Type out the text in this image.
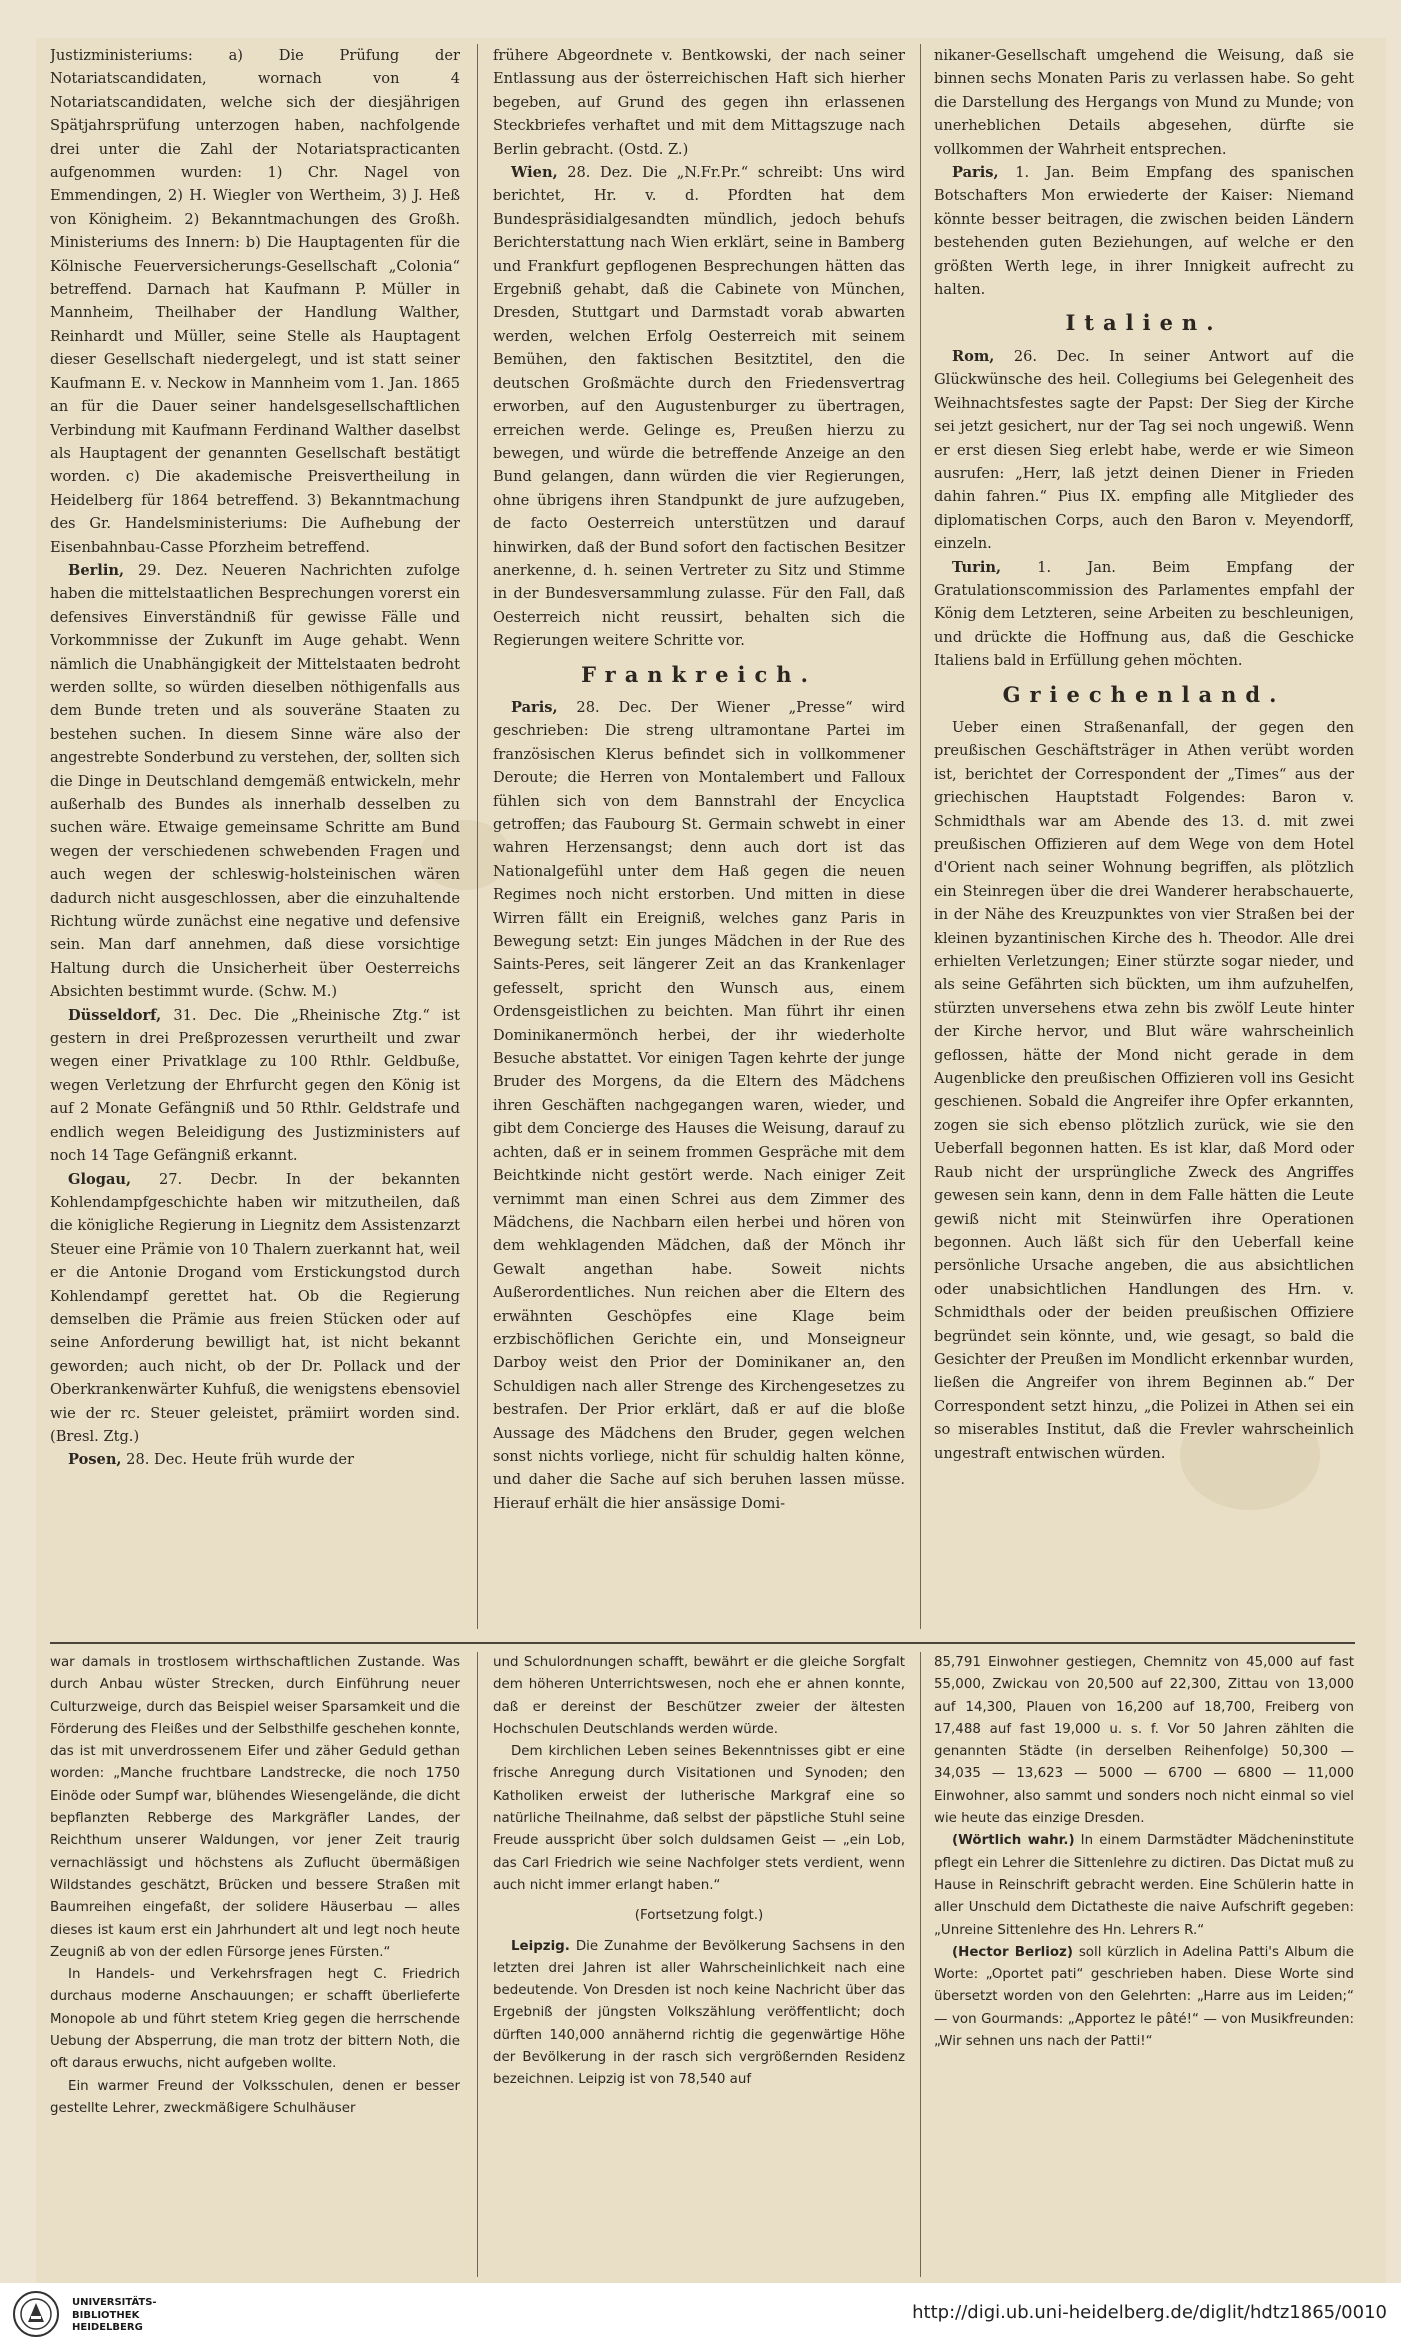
Justizministeriums: a) Die Prüfung der Notariatscandidaten, wornach von 4 Notariatscandidaten, welche sich der diesjährigen Spätjahrsprüfung unterzogen haben, nachfolgende drei unter die Zahl der Notariatspracticanten aufgenommen wurden: 1) Chr. Nagel von Emmendingen, 2) H. Wiegler von Wertheim, 3) J. Heß von Königheim. 2) Bekanntmachungen des Großh. Ministeriums des Innern: b) Die Hauptagenten für die Kölnische Feuerversicherungs-Gesellschaft „Colonia“ betreffend. Darnach hat Kaufmann P. Müller in Mannheim, Theilhaber der Handlung Walther, Reinhardt und Müller, seine Stelle als Hauptagent dieser Gesellschaft niedergelegt, und ist statt seiner Kaufmann E. v. Neckow in Mannheim vom 1. Jan. 1865 an für die Dauer seiner handelsgesellschaftlichen Verbindung mit Kaufmann Ferdinand Walther daselbst als Hauptagent der genannten Gesellschaft bestätigt worden. c) Die akademische Preisvertheilung in Heidelberg für 1864 betreffend. 3) Bekanntmachung des Gr. Handelsministeriums: Die Aufhebung der Eisenbahnbau-Casse Pforzheim betreffend.

Berlin, 29. Dez. Neueren Nachrichten zufolge haben die mittelstaatlichen Besprechungen vorerst ein defensives Einverständniß für gewisse Fälle und Vorkommnisse der Zukunft im Auge gehabt. Wenn nämlich die Unabhängigkeit der Mittelstaaten bedroht werden sollte, so würden dieselben nöthigenfalls aus dem Bunde treten und als souveräne Staaten zu bestehen suchen. In diesem Sinne wäre also der angestrebte Sonderbund zu verstehen, der, sollten sich die Dinge in Deutschland demgemäß entwickeln, mehr außerhalb des Bundes als innerhalb desselben zu suchen wäre. Etwaige gemeinsame Schritte am Bund wegen der verschiedenen schwebenden Fragen und auch wegen der schleswig-holsteinischen wären dadurch nicht ausgeschlossen, aber die einzuhaltende Richtung würde zunächst eine negative und defensive sein. Man darf annehmen, daß diese vorsichtige Haltung durch die Unsicherheit über Oesterreichs Absichten bestimmt wurde. (Schw. M.)

Düsseldorf, 31. Dec. Die „Rheinische Ztg.“ ist gestern in drei Preßprozessen verurtheilt und zwar wegen einer Privatklage zu 100 Rthlr. Geldbuße, wegen Verletzung der Ehrfurcht gegen den König ist auf 2 Monate Gefängniß und 50 Rthlr. Geldstrafe und endlich wegen Beleidigung des Justizministers auf noch 14 Tage Gefängniß erkannt.

Glogau, 27. Decbr. In der bekannten Kohlendampfgeschichte haben wir mitzutheilen, daß die königliche Regierung in Liegnitz dem Assistenzarzt Steuer eine Prämie von 10 Thalern zuerkannt hat, weil er die Antonie Drogand vom Erstickungstod durch Kohlendampf gerettet hat. Ob die Regierung demselben die Prämie aus freien Stücken oder auf seine Anforderung bewilligt hat, ist nicht bekannt geworden; auch nicht, ob der Dr. Pollack und der Oberkrankenwärter Kuhfuß, die wenigstens ebensoviel wie der rc. Steuer geleistet, prämiirt worden sind. (Bresl. Ztg.)

Posen, 28. Dec. Heute früh wurde der

frühere Abgeordnete v. Bentkowski, der nach seiner Entlassung aus der österreichischen Haft sich hierher begeben, auf Grund des gegen ihn erlassenen Steckbriefes verhaftet und mit dem Mittagszuge nach Berlin gebracht. (Ostd. Z.)

Wien, 28. Dez. Die „N.Fr.Pr.“ schreibt: Uns wird berichtet, Hr. v. d. Pfordten hat dem Bundespräsidialgesandten mündlich, jedoch behufs Berichterstattung nach Wien erklärt, seine in Bamberg und Frankfurt gepflogenen Besprechungen hätten das Ergebniß gehabt, daß die Cabinete von München, Dresden, Stuttgart und Darmstadt vorab abwarten werden, welchen Erfolg Oesterreich mit seinem Bemühen, den faktischen Besitztitel, den die deutschen Großmächte durch den Friedensvertrag erworben, auf den Augustenburger zu übertragen, erreichen werde. Gelinge es, Preußen hierzu zu bewegen, und würde die betreffende Anzeige an den Bund gelangen, dann würden die vier Regierungen, ohne übrigens ihren Standpunkt de jure aufzugeben, de facto Oesterreich unterstützen und darauf hinwirken, daß der Bund sofort den factischen Besitzer anerkenne, d. h. seinen Vertreter zu Sitz und Stimme in der Bundesversammlung zulasse. Für den Fall, daß Oesterreich nicht reussirt, behalten sich die Regierungen weitere Schritte vor.

Frankreich.

Paris, 28. Dec. Der Wiener „Presse“ wird geschrieben: Die streng ultramontane Partei im französischen Klerus befindet sich in vollkommener Deroute; die Herren von Montalembert und Falloux fühlen sich von dem Bannstrahl der Encyclica getroffen; das Faubourg St. Germain schwebt in einer wahren Herzensangst; denn auch dort ist das Nationalgefühl unter dem Haß gegen die neuen Regimes noch nicht erstorben. Und mitten in diese Wirren fällt ein Ereigniß, welches ganz Paris in Bewegung setzt: Ein junges Mädchen in der Rue des Saints-Peres, seit längerer Zeit an das Krankenlager gefesselt, spricht den Wunsch aus, einem Ordensgeistlichen zu beichten. Man führt ihr einen Dominikanermönch herbei, der ihr wiederholte Besuche abstattet. Vor einigen Tagen kehrte der junge Bruder des Morgens, da die Eltern des Mädchens ihren Geschäften nachgegangen waren, wieder, und gibt dem Concierge des Hauses die Weisung, darauf zu achten, daß er in seinem frommen Gespräche mit dem Beichtkinde nicht gestört werde. Nach einiger Zeit vernimmt man einen Schrei aus dem Zimmer des Mädchens, die Nachbarn eilen herbei und hören von dem wehklagenden Mädchen, daß der Mönch ihr Gewalt angethan habe. Soweit nichts Außerordentliches. Nun reichen aber die Eltern des erwähnten Geschöpfes eine Klage beim erzbischöflichen Gerichte ein, und Monseigneur Darboy weist den Prior der Dominikaner an, den Schuldigen nach aller Strenge des Kirchengesetzes zu bestrafen. Der Prior erklärt, daß er auf die bloße Aussage des Mädchens den Bruder, gegen welchen sonst nichts vorliege, nicht für schuldig halten könne, und daher die Sache auf sich beruhen lassen müsse. Hierauf erhält die hier ansässige Domi-

nikaner-Gesellschaft umgehend die Weisung, daß sie binnen sechs Monaten Paris zu verlassen habe. So geht die Darstellung des Hergangs von Mund zu Munde; von unerheblichen Details abgesehen, dürfte sie vollkommen der Wahrheit entsprechen.

Paris, 1. Jan. Beim Empfang des spanischen Botschafters Mon erwiederte der Kaiser: Niemand könnte besser beitragen, die zwischen beiden Ländern bestehenden guten Beziehungen, auf welche er den größten Werth lege, in ihrer Innigkeit aufrecht zu halten.

Italien.

Rom, 26. Dec. In seiner Antwort auf die Glückwünsche des heil. Collegiums bei Gelegenheit des Weihnachtsfestes sagte der Papst: Der Sieg der Kirche sei jetzt gesichert, nur der Tag sei noch ungewiß. Wenn er erst diesen Sieg erlebt habe, werde er wie Simeon ausrufen: „Herr, laß jetzt deinen Diener in Frieden dahin fahren.“ Pius IX. empfing alle Mitglieder des diplomatischen Corps, auch den Baron v. Meyendorff, einzeln.

Turin, 1. Jan. Beim Empfang der Gratulationscommission des Parlamentes empfahl der König dem Letzteren, seine Arbeiten zu beschleunigen, und drückte die Hoffnung aus, daß die Geschicke Italiens bald in Erfüllung gehen möchten.

Griechenland.

Ueber einen Straßenanfall, der gegen den preußischen Geschäftsträger in Athen verübt worden ist, berichtet der Correspondent der „Times“ aus der griechischen Hauptstadt Folgendes: Baron v. Schmidthals war am Abende des 13. d. mit zwei preußischen Offizieren auf dem Wege von dem Hotel d'Orient nach seiner Wohnung begriffen, als plötzlich ein Steinregen über die drei Wanderer herabschauerte, in der Nähe des Kreuzpunktes von vier Straßen bei der kleinen byzantinischen Kirche des h. Theodor. Alle drei erhielten Verletzungen; Einer stürzte sogar nieder, und als seine Gefährten sich bückten, um ihm aufzuhelfen, stürzten unversehens etwa zehn bis zwölf Leute hinter der Kirche hervor, und Blut wäre wahrscheinlich geflossen, hätte der Mond nicht gerade in dem Augenblicke den preußischen Offizieren voll ins Gesicht geschienen. Sobald die Angreifer ihre Opfer erkannten, zogen sie sich ebenso plötzlich zurück, wie sie den Ueberfall begonnen hatten. Es ist klar, daß Mord oder Raub nicht der ursprüngliche Zweck des Angriffes gewesen sein kann, denn in dem Falle hätten die Leute gewiß nicht mit Steinwürfen ihre Operationen begonnen. Auch läßt sich für den Ueberfall keine persönliche Ursache angeben, die aus absichtlichen oder unabsichtlichen Handlungen des Hrn. v. Schmidthals oder der beiden preußischen Offiziere begründet sein könnte, und, wie gesagt, so bald die Gesichter der Preußen im Mondlicht erkennbar wurden, ließen die Angreifer von ihrem Beginnen ab.“ Der Correspondent setzt hinzu, „die Polizei in Athen sei ein so miserables Institut, daß die Frevler wahrscheinlich ungestraft entwischen würden.

war damals in trostlosem wirthschaftlichen Zustande. Was durch Anbau wüster Strecken, durch Einführung neuer Culturzweige, durch das Beispiel weiser Sparsamkeit und die Förderung des Fleißes und der Selbsthilfe geschehen konnte, das ist mit unverdrossenem Eifer und zäher Geduld gethan worden: „Manche fruchtbare Landstrecke, die noch 1750 Einöde oder Sumpf war, blühendes Wiesengelände, die dicht bepflanzten Rebberge des Markgräfler Landes, der Reichthum unserer Waldungen, vor jener Zeit traurig vernachlässigt und höchstens als Zuflucht übermäßigen Wildstandes geschätzt, Brücken und bessere Straßen mit Baumreihen eingefaßt, der solidere Häuserbau — alles dieses ist kaum erst ein Jahrhundert alt und legt noch heute Zeugniß ab von der edlen Fürsorge jenes Fürsten.“

In Handels- und Verkehrsfragen hegt C. Friedrich durchaus moderne Anschauungen; er schafft überlieferte Monopole ab und führt stetem Krieg gegen die herrschende Uebung der Absperrung, die man trotz der bittern Noth, die oft daraus erwuchs, nicht aufgeben wollte.

Ein warmer Freund der Volksschulen, denen er besser gestellte Lehrer, zweckmäßigere Schulhäuser

und Schulordnungen schafft, bewährt er die gleiche Sorgfalt dem höheren Unterrichtswesen, noch ehe er ahnen konnte, daß er dereinst der Beschützer zweier der ältesten Hochschulen Deutschlands werden würde.

Dem kirchlichen Leben seines Bekenntnisses gibt er eine frische Anregung durch Visitationen und Synoden; den Katholiken erweist der lutherische Markgraf eine so natürliche Theilnahme, daß selbst der päpstliche Stuhl seine Freude ausspricht über solch duldsamen Geist — „ein Lob, das Carl Friedrich wie seine Nachfolger stets verdient, wenn auch nicht immer erlangt haben.“

(Fortsetzung folgt.)

Leipzig. Die Zunahme der Bevölkerung Sachsens in den letzten drei Jahren ist aller Wahrscheinlichkeit nach eine bedeutende. Von Dresden ist noch keine Nachricht über das Ergebniß der jüngsten Volkszählung veröffentlicht; doch dürften 140,000 annähernd richtig die gegenwärtige Höhe der Bevölkerung in der rasch sich vergrößernden Residenz bezeichnen. Leipzig ist von 78,540 auf

85,791 Einwohner gestiegen, Chemnitz von 45,000 auf fast 55,000, Zwickau von 20,500 auf 22,300, Zittau von 13,000 auf 14,300, Plauen von 16,200 auf 18,700, Freiberg von 17,488 auf fast 19,000 u. s. f. Vor 50 Jahren zählten die genannten Städte (in derselben Reihenfolge) 50,300 — 34,035 — 13,623 — 5000 — 6700 — 6800 — 11,000 Einwohner, also sammt und sonders noch nicht einmal so viel wie heute das einzige Dresden.

(Wörtlich wahr.) In einem Darmstädter Mädcheninstitute pflegt ein Lehrer die Sittenlehre zu dictiren. Das Dictat muß zu Hause in Reinschrift gebracht werden. Eine Schülerin hatte in aller Unschuld dem Dictatheste die naive Aufschrift gegeben: „Unreine Sittenlehre des Hn. Lehrers R.“

(Hector Berlioz) soll kürzlich in Adelina Patti's Album die Worte: „Oportet pati“ geschrieben haben. Diese Worte sind übersetzt worden von den Gelehrten: „Harre aus im Leiden;“ — von Gourmands: „Apportez le pâté!“ — von Musikfreunden: „Wir sehnen uns nach der Patti!“

UNIVERSITÄTS-
BIBLIOTHEK
HEIDELBERG
http://digi.ub.uni-heidelberg.de/diglit/hdtz1865/0010
